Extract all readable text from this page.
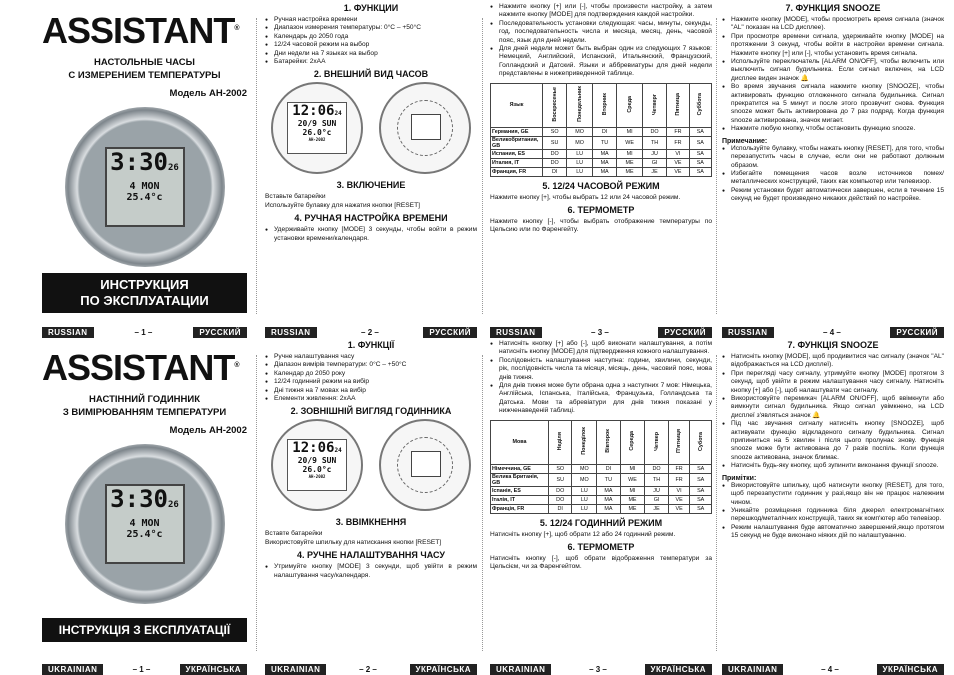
ASSISTANT®
НАСТОЛЬНЫЕ ЧАСЫ
С ИЗМЕРЕНИЕМ ТЕМПЕРАТУРЫ
Модель АН-2002
3:3026
4 MON
25.4°c
ИНСТРУКЦИЯ
ПО ЭКСПЛУАТАЦИИ
RUSSIAN	– 1 –	РУССКИЙ
1. ФУНКЦИИ
● Ручная настройка времени
● Диапазон измерения температуры: 0°C – +50°C
● Календарь до 2050 года
● 12/24 часовой режим на выбор
● Дни недели на 7 языках на выбор
● Батарейки: 2хАА
2. ВНЕШНИЙ ВИД ЧАСОВ
12:0624
20/9 SUN
26.0°c
AH-2002
3. ВКЛЮЧЕНИЕ

Вставьте батарейки

Используйте булавку для нажатия кнопки [RESET]

4. РУЧНАЯ НАСТРОЙКА ВРЕМЕНИ
● Удерживайте кнопку [MODE] 3 секунды, чтобы войти в режим установки времени/календаря.
RUSSIAN	– 2 –	РУССКИЙ
● Нажмите кнопку [+] или [-], чтобы произвести настройку, а затем нажмите кнопку [MODE] для подтверждения каждой настройки.
● Последовательность установки следующая: часы, минуты, секунды, год, последовательность числа и месяца, месяц, день, часовой пояс, язык для дней недели.
● Для дней недели может быть выбран один из следующих 7 языков: Немецкий, Английский, Испанский, Итальянский, Французский, Голландский и Датский. Языки и аббревиатуры для дней недели представлены в нижеприведенной таблице.
Язык	Воскресенье	Понедельник	Вторник	Среда	Четверг	Пятница	Суббота
Германия, GE	SO	MO	DI	MI	DO	FR	SA
Великобритания, GB	SU	MO	TU	WE	TH	FR	SA
Испания, ES	DO	LU	MA	MI	JU	VI	SA
Италия, IT	DO	LU	MA	ME	GI	VE	SA
Франция, FR	DI	LU	MA	ME	JE	VE	SA
5. 12/24 ЧАСОВОЙ РЕЖИМ

Нажмите кнопку [+], чтобы выбрать 12 или 24 часовой режим.

6. ТЕРМОМЕТР

Нажмите кнопку [-], чтобы выбрать отображение температуры по Цельсию или по Фаренгейту.

RUSSIAN	– 3 –	РУССКИЙ
7. ФУНКЦИЯ SNOOZE
● Нажмите кнопку [MODE], чтобы просмотреть время сигнала (значок "AL" показан на LCD дисплее).
● При просмотре времени сигнала, удерживайте кнопку [MODE] на протяжении 3 секунд, чтобы войти в настройки времени сигнала. Нажмите кнопку [+] или [-], чтобы установить время сигнала.
● Используйте переключатель [ALARM ON/OFF], чтобы включить или выключить сигнал будильника. Если сигнал включен, на LCD дисплее виден значок 🔔
● Во время звучания сигнала нажмите кнопку [SNOOZE], чтобы активировать функцию отложенного сигнала будильника. Сигнал прекратится на 5 минут и после этого прозвучит снова. Функция snooze может быть активирована до 7 раз подряд. Когда функция snooze активирована, значок мигает.
● Нажмите любую кнопку, чтобы остановить функцию snooze.
Примечание:
● Используйте булавку, чтобы нажать кнопку [RESET], для того, чтобы перезапустить часы в случае, если они не работают должным образом.
● Избегайте помещения часов возле источников помех/ металлических конструкций, таких как компьютер или телевизор.
● Режим установки будет автоматически завершен, если в течение 15 секунд не будет произведено никаких действий по настройке.
RUSSIAN	– 4 –	РУССКИЙ
ASSISTANT®
НАСТІННИЙ ГОДИННИК
З ВИМІРЮВАННЯМ ТЕМПЕРАТУРИ
Модель АН-2002
3:3026
4 MON
25.4°c
ІНСТРУКЦІЯ З ЕКСПЛУАТАЦІЇ
UKRAINIAN	– 1 –	УКРАЇНСЬКА
1. ФУНКЦІЇ
● Ручне налаштування часу
● Діапазон вимірів температури: 0°C – +50°C
● Календар до 2050 року
● 12/24 годинний режим на вибір
● Дні тижня на 7 мовах на вибір
● Елементи живлення: 2хАА
2. ЗОВНІШНІЙ ВИГЛЯД ГОДИННИКА
12:0624
20/9 SUN
26.0°c
AH-2002
3. ВВІМКНЕННЯ

Вставте батарейки

Використовуйте шпильку для натискання кнопки [RESET]

4. РУЧНЕ НАЛАШТУВАННЯ ЧАСУ
● Утримуйте кнопку [MODE] 3 секунди, щоб увійти в режим налаштування часу/календаря.
UKRAINIAN	– 2 –	УКРАЇНСЬКА
● Натисніть кнопку [+] або [-], щоб виконати налаштування, а потім натисніть кнопку [MODE] для підтвердження кожного налаштування.
● Послідовність налаштування наступна: години, хвилини, секунди, рік, послідовність числа та місяця, місяць, день, часовий пояс, мова днів тижня.
● Для днів тижня може бути обрана одна з наступних 7 мов: Німецька, Англійська, Іспанська, Італійська, Французька, Голландська та Датська. Мови та абревіатури для днів тижня показані у нижченаведеній таблиці.
Мова	Неділя	Понеділок	Вівторок	Середа	Четвер	П'ятниця	Субота
Німеччина, GE	SO	MO	DI	MI	DO	FR	SA
Велика Британія, GB	SU	MO	TU	WE	TH	FR	SA
Іспанія, ES	DO	LU	MA	MI	JU	VI	SA
Італія, IT	DO	LU	MA	ME	GI	VE	SA
Франція, FR	DI	LU	MA	ME	JE	VE	SA
5. 12/24 ГОДИННИЙ РЕЖИМ

Натисніть кнопку [+], щоб обрати 12 або 24 годинний режим.

6. ТЕРМОМЕТР

Натисніть кнопку [-], щоб обрати відображення температури за Цельсієм, чи за Фаренгейтом.

UKRAINIAN	– 3 –	УКРАЇНСЬКА
7. ФУНКЦІЯ SNOOZE
● Натисніть кнопку [MODE], щоб продивитися час сигналу (значок "AL" відображається на LCD дисплеї).
● При перегляді часу сигналу, утримуйте кнопку [MODE] протягом 3 секунд, щоб увійти в режим налаштування часу сигналу. Натисніть кнопку [+] або [-], щоб налаштувати час сигналу.
● Використовуйте перемикач [ALARM ON/OFF], щоб ввімкнути або вимкнути сигнал будильника. Якщо сигнал увімкнено, на LCD дисплеї з'являться значок 🔔
● Під час звучання сигналу натисніть кнопку [SNOOZE], щоб активувати функцію відкладеного сигналу будильника. Сигнал припиниться на 5 хвилин і після цього пролунає знову. Функція snooze може бути активована до 7 разів поспіль. Коли функція snooze активована, значок блимає.
● Натисніть будь-яку кнопку, щоб зупинити виконання функції snooze.
Примітки:
● Використовуйте шпильку, щоб натиснути кнопку [RESET], для того, щоб перезапустити годинник у разі,якщо він не працює належним чином.
● Уникайте розміщення годинника біля джерел електромагнітних перешкод/металічних конструкцій, таких як комп'ютер або телевізор.
● Режим налаштування буде автоматично завершений,якщо протягом 15 секунд не буде виконано ніяких дій по налаштуванню.
UKRAINIAN	– 4 –	УКРАЇНСЬКА
